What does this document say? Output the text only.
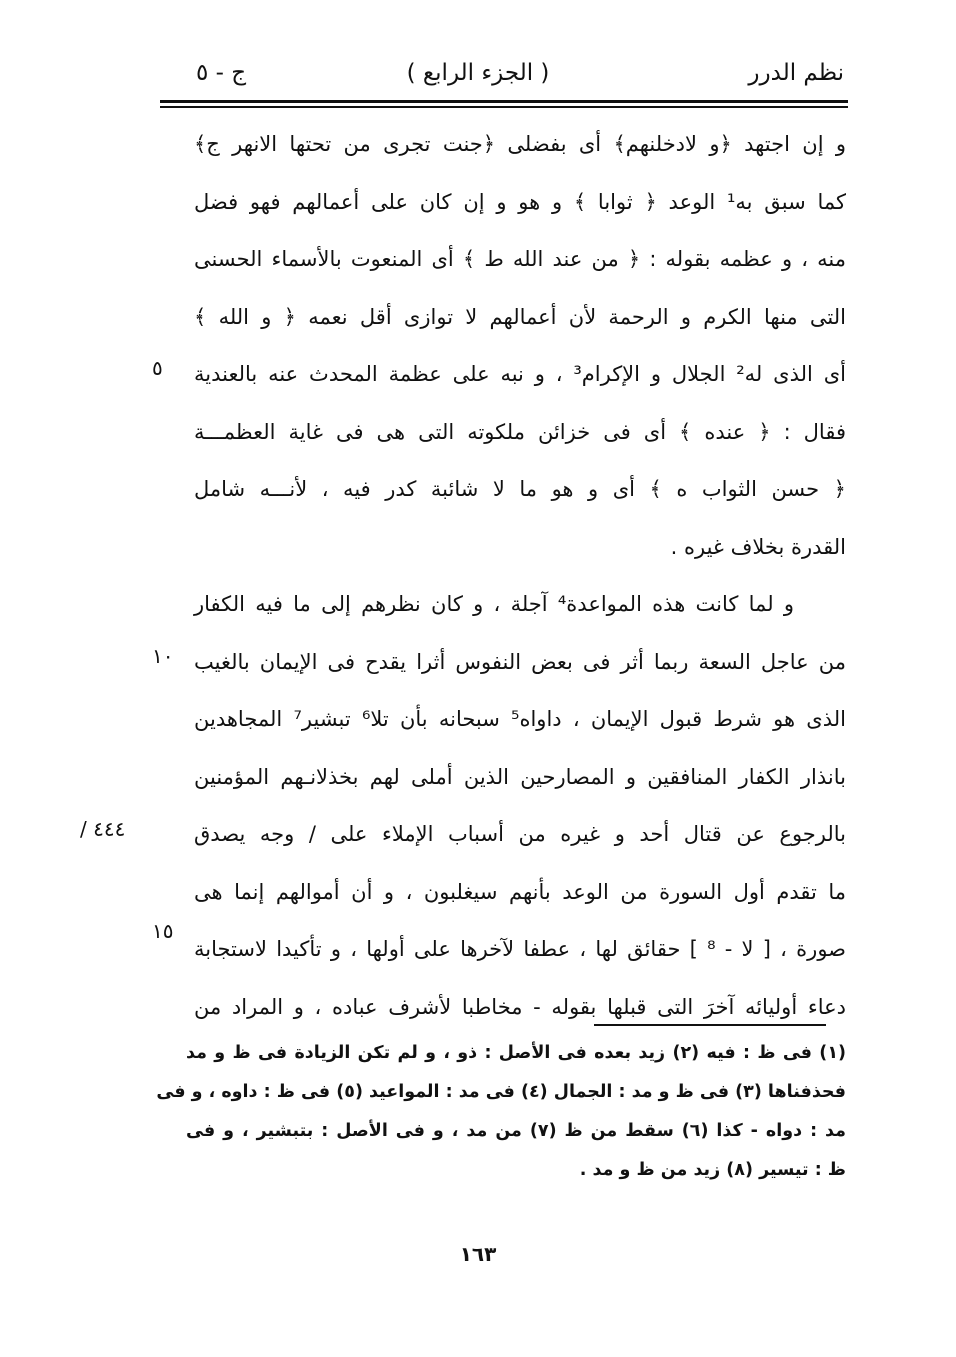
نظم الدرر
( الجزء الرابع )
ج - ٥
و إن اجتهد ﴿و لادخلنهم﴾ أى بفضلى ﴿جنت تجرى من تحتها الانهر ج﴾
كما سبق به¹ الوعد ﴿ ثوابا ﴾ و هو و إن كان على أعمالهم فهو فضل
منه ، و عظمه بقوله : ﴿ من عند الله ط ﴾ أى المنعوت بالأسماء الحسنى
التى منها الكرم و الرحمة لأن أعمالهم لا توازى أقل نعمه ﴿ و الله ﴾
أى الذى له² الجلال و الإكرام³ ، و نبه على عظمة المحدث عنه بالعندية
فقال : ﴿ عنده ﴾ أى فى خزائن ملكوته التى هى فى غاية العظمـــة
﴿ حسن الثواب ه ﴾ أى و هو ما لا شائبة كدر فيه ، لأنـــه شامل
القدرة بخلاف غيره .
و لما كانت هذه المواعدة⁴ آجلة ، و كان نظرهم إلى ما فيه الكفار
من عاجل السعة ربما أثر فى بعض النفوس أثرا يقدح فى الإيمان بالغيب
الذى هو شرط قبول الإيمان ، داواه⁵ سبحانه بأن تلا⁶ تبشير⁷ المجاهدين
بانذار الكفار المنافقين و المصارحين الذين أملى لهم بخذلانـهم المؤمنين
بالرجوع عن قتال أحد و غيره من أسباب الإملاء على / وجه يصدق
ما تقدم أول السورة من الوعد بأنهم سيغلبون ، و أن أموالهم إنما هى
صورة ، [ لا - ⁸ ] حقائق لها ، عطفا لآخرها على أولها ، و تأكيدا لاستجابة
دعاء أوليائه آخرَ التى قبلها بقوله - مخاطبا لأشرف عباده ، و المراد من
٥
١٠
١٥
/ ٤٤٤
(١) فى ظ : فيه (٢) زيد بعده فى الأصل : ذو ، و لم تكن الزيادة فى ظ و مد
فحذفناها (٣) فى ظ و مد : الجمال (٤) فى مد : المواعيد (٥) فى ظ : داوه ، و فى
مد : دواه - كذا (٦) سقط من ظ (٧) من مد ، و فى الأصل : بتبشير ، و فى
ظ : تيسير (٨) زيد من ظ و مد .
١٦٣
